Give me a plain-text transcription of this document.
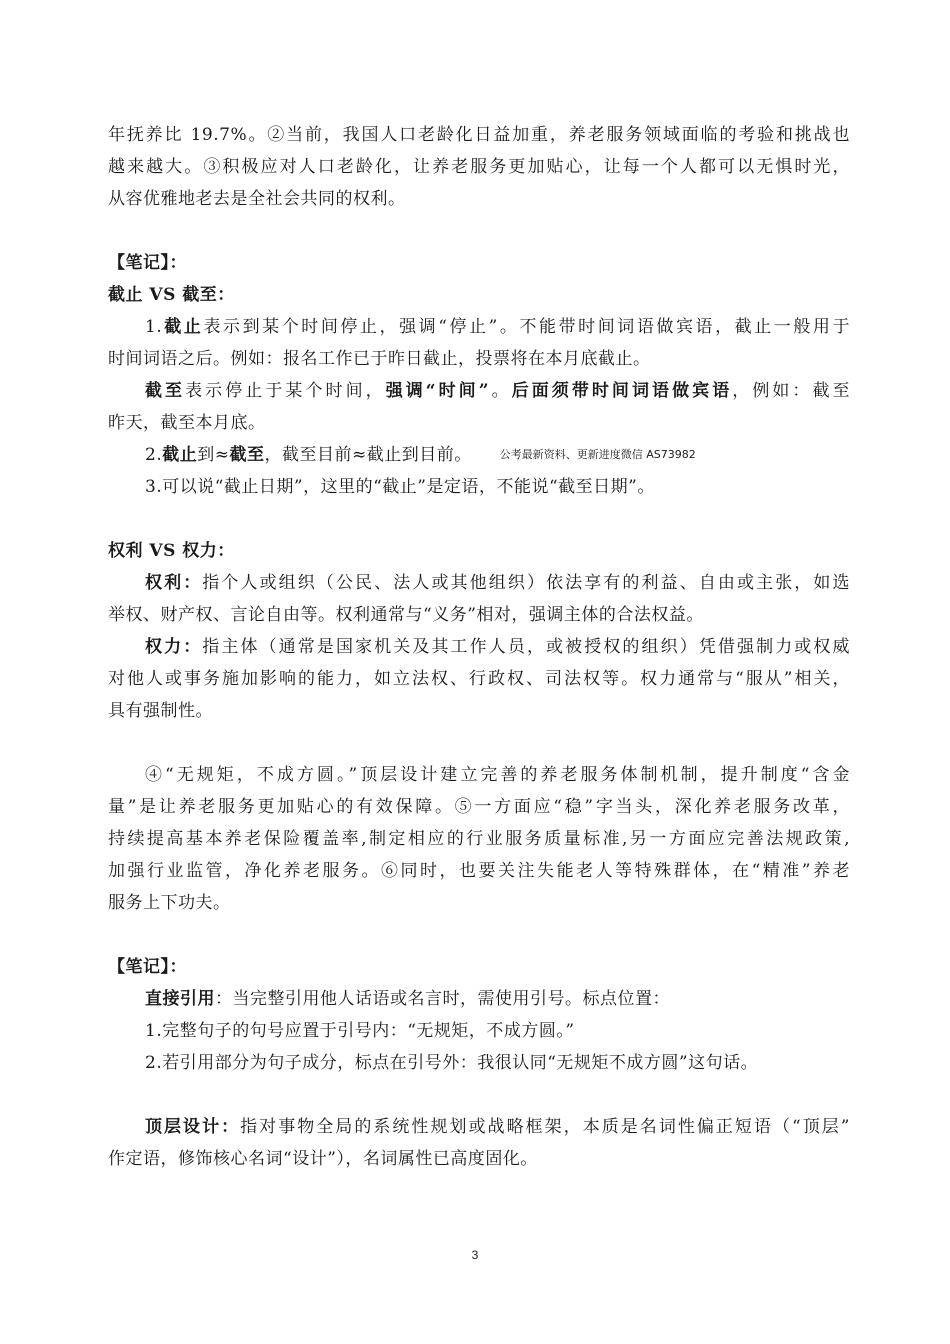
年抚养比 19.7%。②当前，我国人口老龄化日益加重，养老服务领域面临的考验和挑战也
越来越大。③积极应对人口老龄化，让养老服务更加贴心，让每一个人都可以无惧时光，
从容优雅地老去是全社会共同的权利。
【笔记】：
截止 VS 截至：
1.截止表示到某个时间停止，强调“停止”。不能带时间词语做宾语，截止一般用于
时间词语之后。例如：报名工作已于昨日截止，投票将在本月底截止。
截至表示停止于某个时间，强调“时间”。后面须带时间词语做宾语，例如：截至
昨天，截至本月底。
2.截止到≈截至，截至目前≈截止到目前。	公考最新资料、更新进度微信 AS73982
3.可以说“截止日期”，这里的“截止”是定语，不能说“截至日期”。
权利 VS 权力：
权利：指个人或组织（公民、法人或其他组织）依法享有的利益、自由或主张，如选
举权、财产权、言论自由等。权利通常与“义务”相对，强调主体的合法权益。
权力：指主体（通常是国家机关及其工作人员，或被授权的组织）凭借强制力或权威
对他人或事务施加影响的能力，如立法权、行政权、司法权等。权力通常与“服从”相关，
具有强制性。
④“无规矩，不成方圆。”顶层设计建立完善的养老服务体制机制，提升制度“含金
量”是让养老服务更加贴心的有效保障。⑤一方面应“稳”字当头，深化养老服务改革，
持续提高基本养老保险覆盖率,制定相应的行业服务质量标准,另一方面应完善法规政策,
加强行业监管，净化养老服务。⑥同时，也要关注失能老人等特殊群体，在“精准”养老
服务上下功夫。
【笔记】：
直接引用：当完整引用他人话语或名言时，需使用引号。标点位置：
1.完整句子的句号应置于引号内：“无规矩，不成方圆。”
2.若引用部分为句子成分，标点在引号外：我很认同“无规矩不成方圆”这句话。
顶层设计：指对事物全局的系统性规划或战略框架，本质是名词性偏正短语（“顶层”
作定语，修饰核心名词“设计”），名词属性已高度固化。
3
